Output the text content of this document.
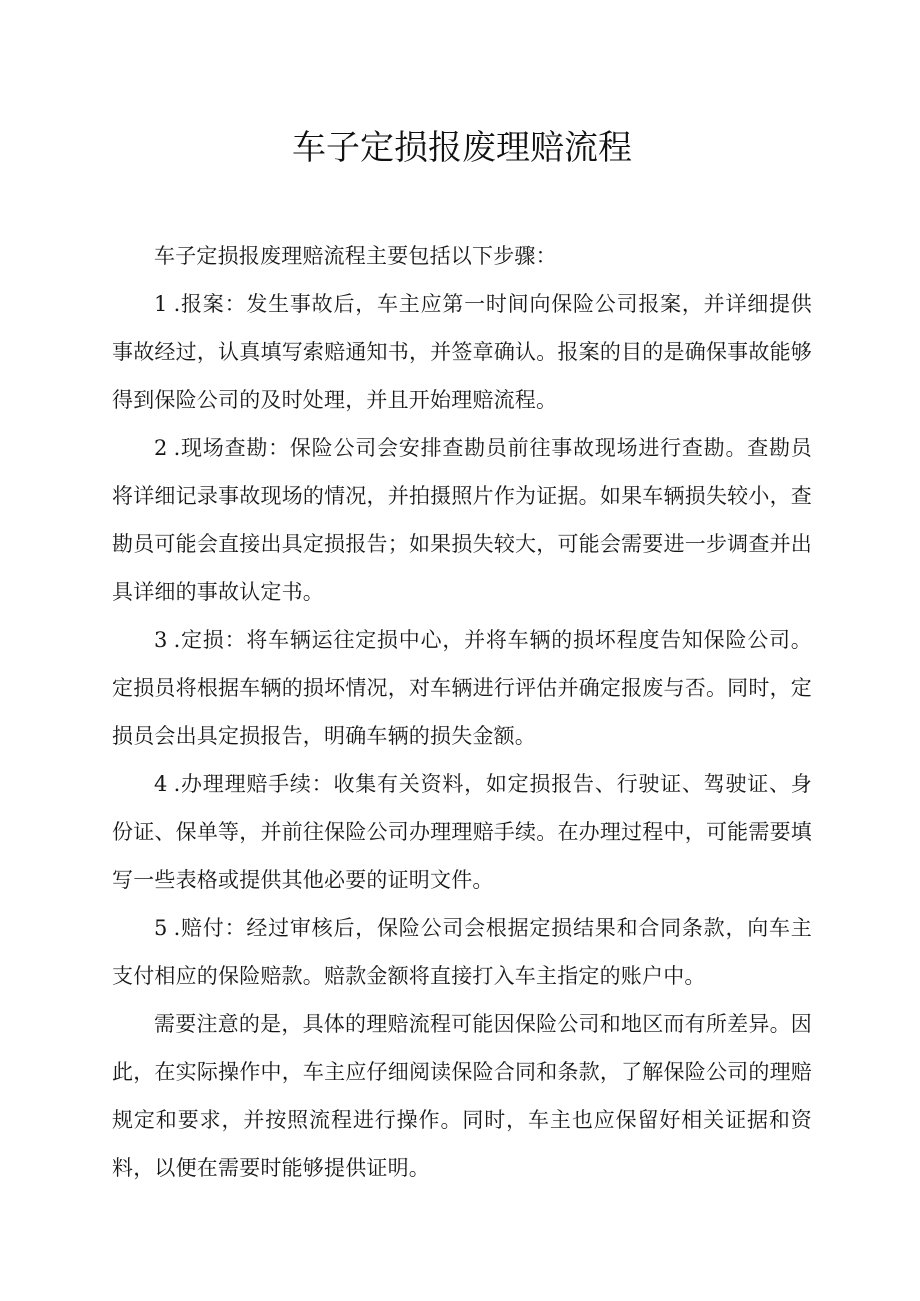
车子定损报废理赔流程

车子定损报废理赔流程主要包括以下步骤：

1 .报案：发生事故后，车主应第一时间向保险公司报案，并详细提供事故经过，认真填写索赔通知书，并签章确认。报案的目的是确保事故能够得到保险公司的及时处理，并且开始理赔流程。

2 .现场查勘：保险公司会安排查勘员前往事故现场进行查勘。查勘员将详细记录事故现场的情况，并拍摄照片作为证据。如果车辆损失较小，查勘员可能会直接出具定损报告；如果损失较大，可能会需要进一步调查并出具详细的事故认定书。

3 .定损：将车辆运往定损中心，并将车辆的损坏程度告知保险公司。定损员将根据车辆的损坏情况，对车辆进行评估并确定报废与否。同时，定损员会出具定损报告，明确车辆的损失金额。

4 .办理理赔手续：收集有关资料，如定损报告、行驶证、驾驶证、身份证、保单等，并前往保险公司办理理赔手续。在办理过程中，可能需要填写一些表格或提供其他必要的证明文件。

5 .赔付：经过审核后，保险公司会根据定损结果和合同条款，向车主支付相应的保险赔款。赔款金额将直接打入车主指定的账户中。

需要注意的是，具体的理赔流程可能因保险公司和地区而有所差异。因此，在实际操作中，车主应仔细阅读保险合同和条款，了解保险公司的理赔规定和要求，并按照流程进行操作。同时，车主也应保留好相关证据和资料，以便在需要时能够提供证明。
